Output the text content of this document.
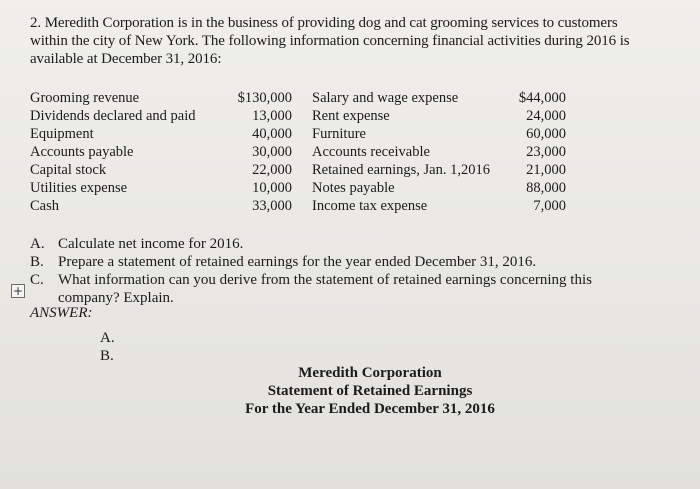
2. Meredith Corporation is in the business of providing dog and cat grooming services to customers
within the city of New York. The following information concerning financial activities during 2016 is
available at December 31, 2016:
Grooming revenue
Dividends declared and paid
Equipment
Accounts payable
Capital stock
Utilities expense
Cash
$130,000
13,000
40,000
30,000
22,000
10,000
33,000
Salary and wage expense
Rent expense
Furniture
Accounts receivable
Retained earnings, Jan. 1,2016
Notes payable
Income tax expense
$44,000
24,000
60,000
23,000
21,000
88,000
7,000
A. Calculate net income for 2016.
B. Prepare a statement of retained earnings for the year ended December 31, 2016.
C. What information can you derive from the statement of retained earnings concerning this
company? Explain.
+
ANSWER:
A.
B.
Meredith Corporation
Statement of Retained Earnings
For the Year Ended December 31, 2016
